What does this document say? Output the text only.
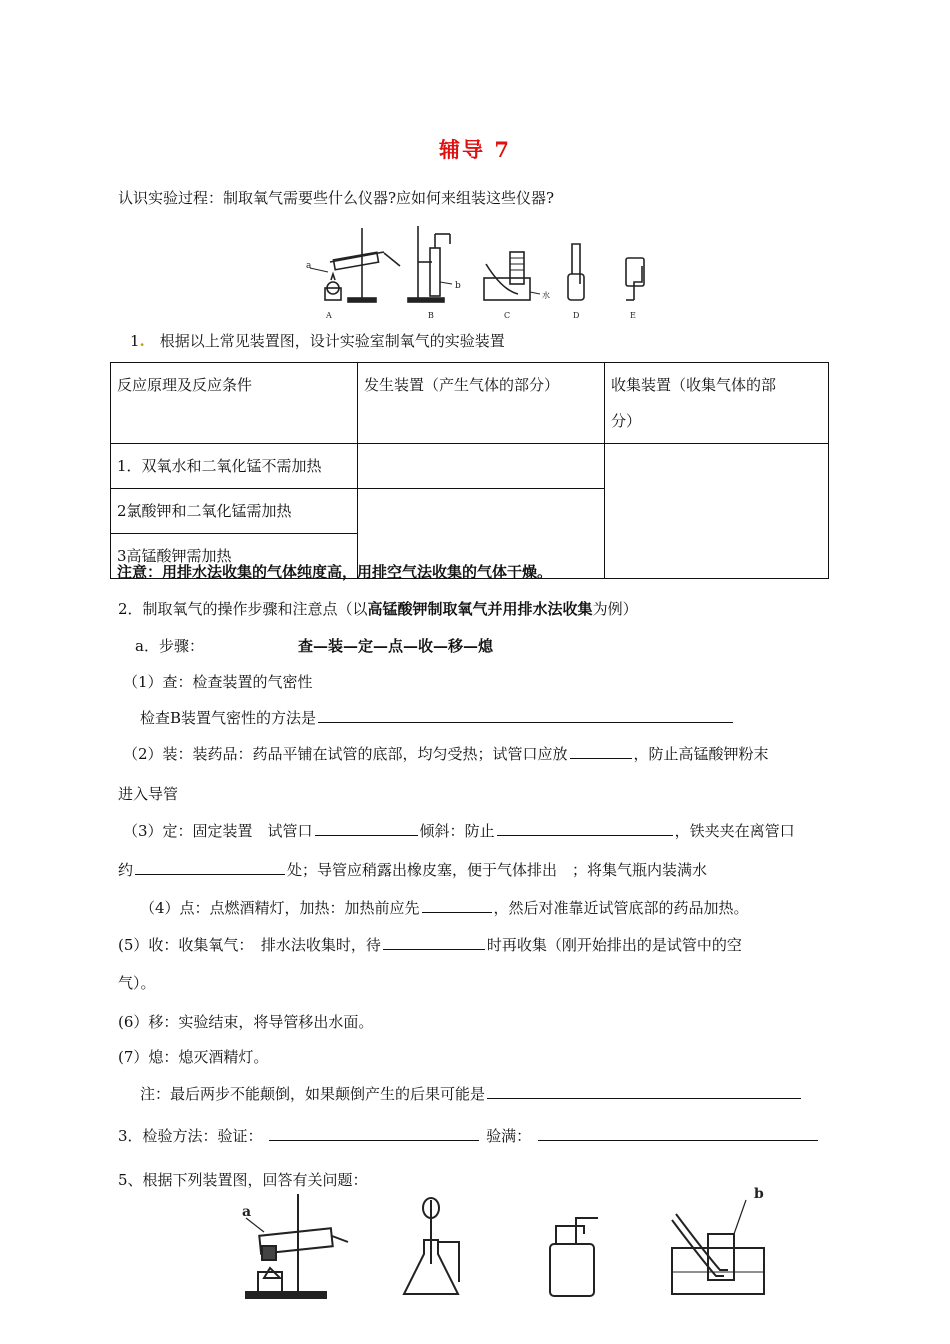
辅导 7
认识实验过程：制取氧气需要些什么仪器?应如何来组装这些仪器?
a
b
水
A	B	C	D	E
1.　 根据以上常见装置图，设计实验室制氧气的实验装置
反应原理及反应条件	发生装置（产生气体的部分）	收集装置（收集气体的部
分）
1．双氧水和二氧化锰不需加热		
2氯酸钾和二氧化锰需加热		
3高锰酸钾需加热		
注意：用排水法收集的气体纯度高，用排空气法收集的气体干燥。
2．制取氧气的操作步骤和注意点（以高锰酸钾制取氧气并用排水法收集为例）
a．步骤：	查—装—定—点—收—移—熄
（1）查：检查装置的气密性
检查B装置气密性的方法是
（2）装：装药品：药品平铺在试管的底部，均匀受热；试管口应放	，防止高锰酸钾粉末
进入导管
（3）定：固定装置　试管口	倾斜：防止	，铁夹夹在离管口
约	处；导管应稍露出橡皮塞，便于气体排出　；将集气瓶内装满水
（4）点：点燃酒精灯，加热：加热前应先	，然后对准靠近试管底部的药品加热。
(5）收：收集氧气：　排水法收集时，待	时再收集（刚开始排出的是试管中的空
气）。
(6）移：实验结束，将导管移出水面。
(7）熄：熄灭酒精灯。
注：最后两步不能颠倒，如果颠倒产生的后果可能是
3．检验方法：验证：	验满：
5、根据下列装置图，回答有关问题：
a
b
